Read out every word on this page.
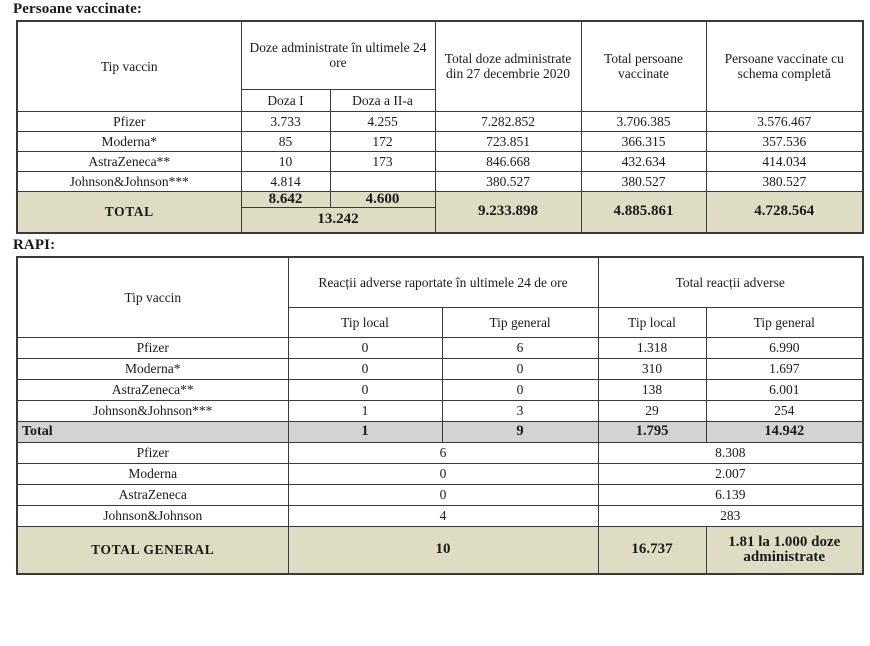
Persoane vaccinate:
Tip vaccin	Doze administrate în ultimele 24 ore		Total doze administrate din 27 decembrie 2020	Total persoane vaccinate	Persoane vaccinate cu schema completă
	Doza I	Doza a II-a			
Pfizer	3.733	4.255	7.282.852	3.706.385	3.576.467
Moderna*	85	172	723.851	366.315	357.536
AstraZeneca**	10	173	846.668	432.634	414.034
Johnson&Johnson***	4.814		380.527	380.527	380.527
TOTAL	8.642	4.600	9.233.898	4.885.861	4.728.564
	13.242				
RAPI:
Tip vaccin	Reacții adverse raportate în ultimele 24 de ore		Total reacții adverse	
	Tip local	Tip general	Tip local	Tip general
Pfizer	0	6	1.318	6.990
Moderna*	0	0	310	1.697
AstraZeneca**	0	0	138	6.001
Johnson&Johnson***	1	3	29	254
Total	1	9	1.795	14.942
Pfizer	6		8.308	
Moderna	0		2.007	
AstraZeneca	0		6.139	
Johnson&Johnson	4		283	
TOTAL GENERAL	10		16.737	1.81 la 1.000 doze administrate
